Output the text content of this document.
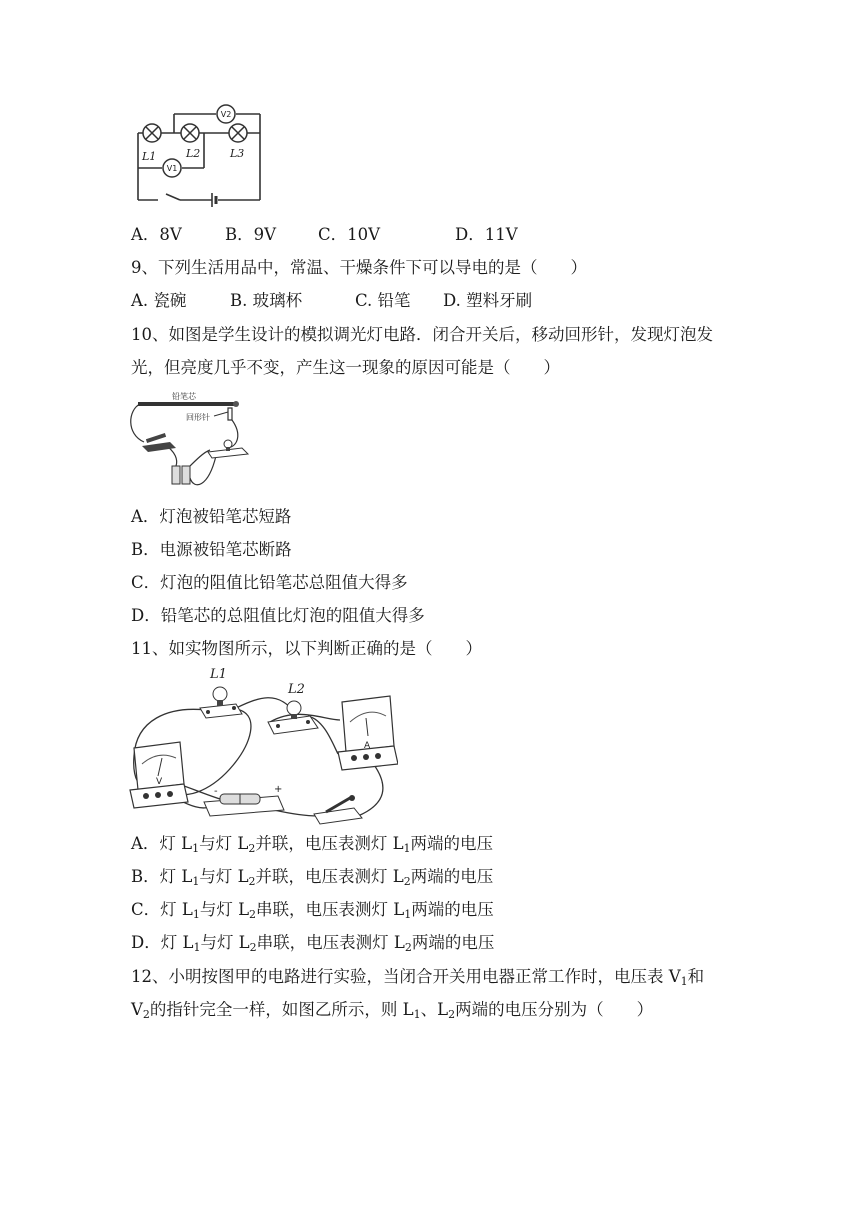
V2
V1
L1	L2	L3
A．8V	B．9V	C．10V	D．11V
9、下列生活用品中，常温、干燥条件下可以导电的是（　　）
A. 瓷碗	B. 玻璃杯	C. 铅笔 D. 塑料牙刷
10、如图是学生设计的模拟调光灯电路．闭合开关后，移动回形针，发现灯泡发
光，但亮度几乎不变，产生这一现象的原因可能是（　　）
铅笔芯
回形针
A．灯泡被铅笔芯短路
B．电源被铅笔芯断路
C．灯泡的阻值比铅笔芯总阻值大得多
D．铅笔芯的总阻值比灯泡的阻值大得多
11、如实物图所示，以下判断正确的是（　　）
L1
L2
A
V
-	+
A．灯 $L_1$与灯 $L_2$并联，电压表测灯 $L_1$两端的电压
B．灯 $L_1$与灯 $L_2$并联，电压表测灯 $L_2$两端的电压
C．灯 $L_1$与灯 $L_2$串联，电压表测灯 $L_1$两端的电压
D．灯 $L_1$与灯 $L_2$串联，电压表测灯 $L_2$两端的电压
12、小明按图甲的电路进行实验，当闭合开关用电器正常工作时，电压表 $V_1$和
$V_2$的指针完全一样，如图乙所示，则 $L_1$、$L_2$两端的电压分别为（　　）
